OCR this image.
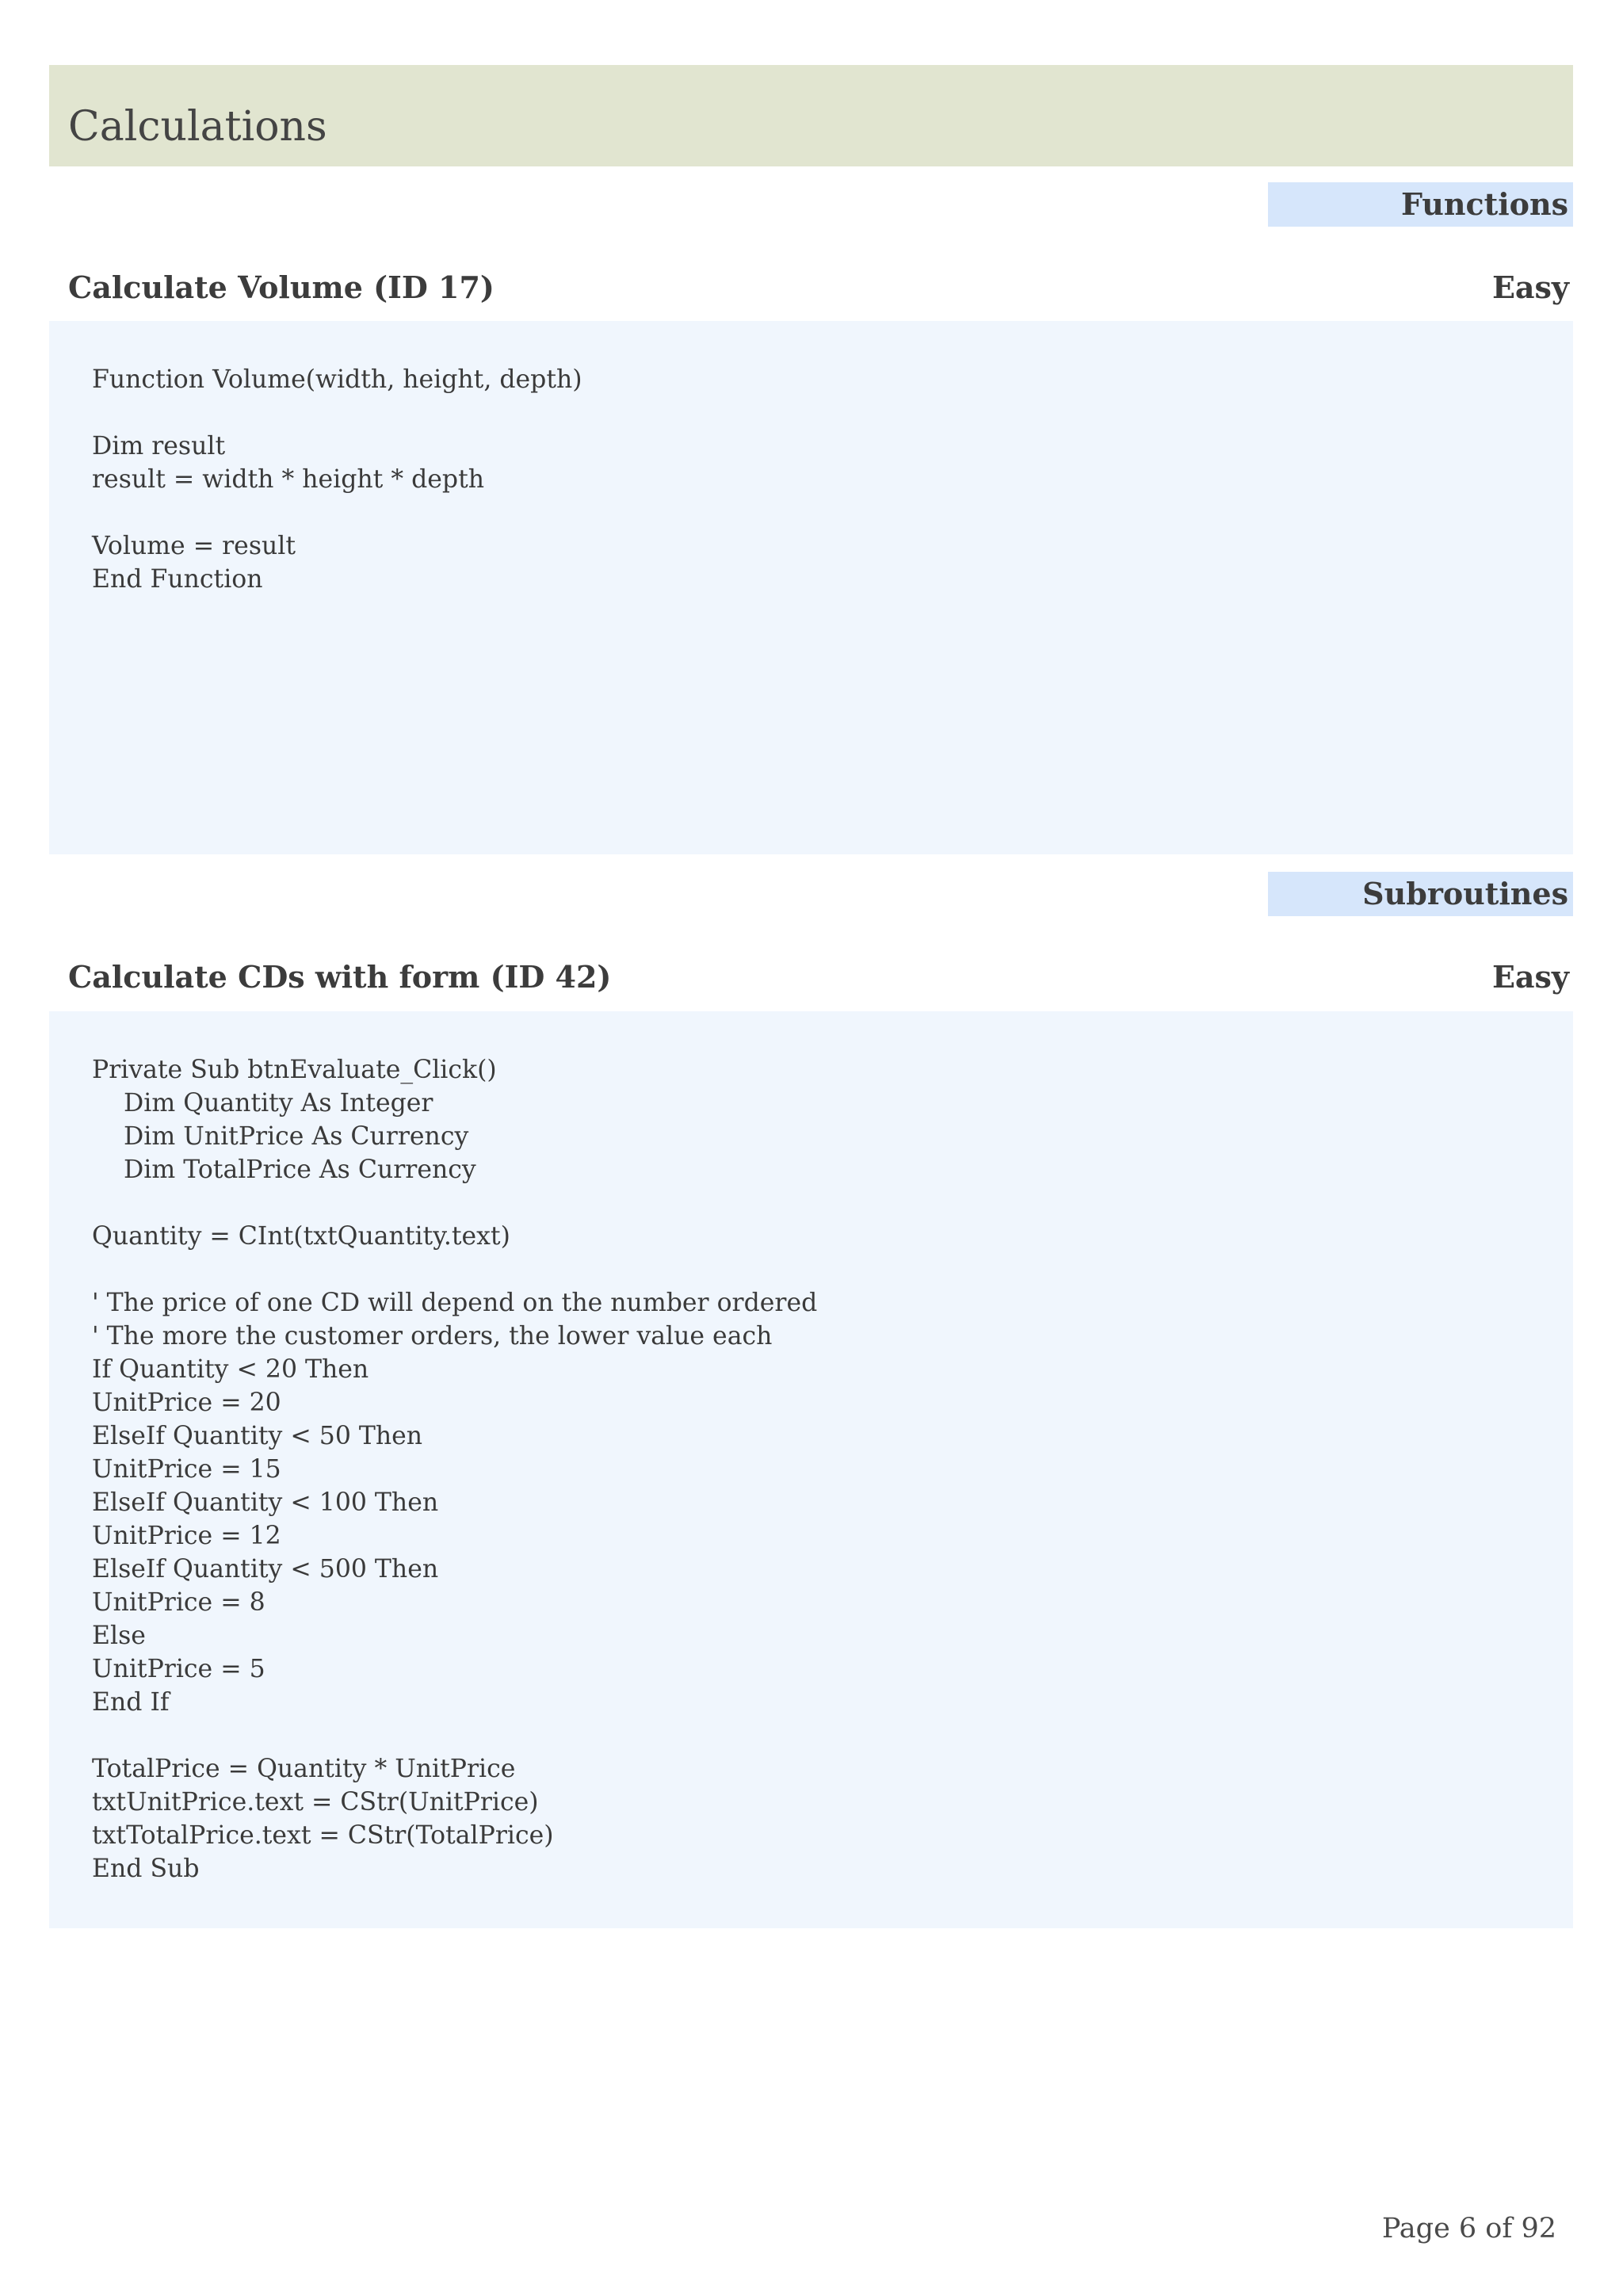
Calculations
Functions
Calculate Volume (ID 17)	Easy
Function Volume(width, height, depth)
Dim result
result = width * height * depth
Volume = result
End Function
Subroutines
Calculate CDs with form (ID 42)	Easy
Private Sub btnEvaluate_Click()
Dim Quantity As Integer
Dim UnitPrice As Currency
Dim TotalPrice As Currency
Quantity = CInt(txtQuantity.text)
' The price of one CD will depend on the number ordered
' The more the customer orders, the lower value each
If Quantity < 20 Then
UnitPrice = 20
ElseIf Quantity < 50 Then
UnitPrice = 15
ElseIf Quantity < 100 Then
UnitPrice = 12
ElseIf Quantity < 500 Then
UnitPrice = 8
Else
UnitPrice = 5
End If
TotalPrice = Quantity * UnitPrice
txtUnitPrice.text = CStr(UnitPrice)
txtTotalPrice.text = CStr(TotalPrice)
End Sub
Page 6 of 92
